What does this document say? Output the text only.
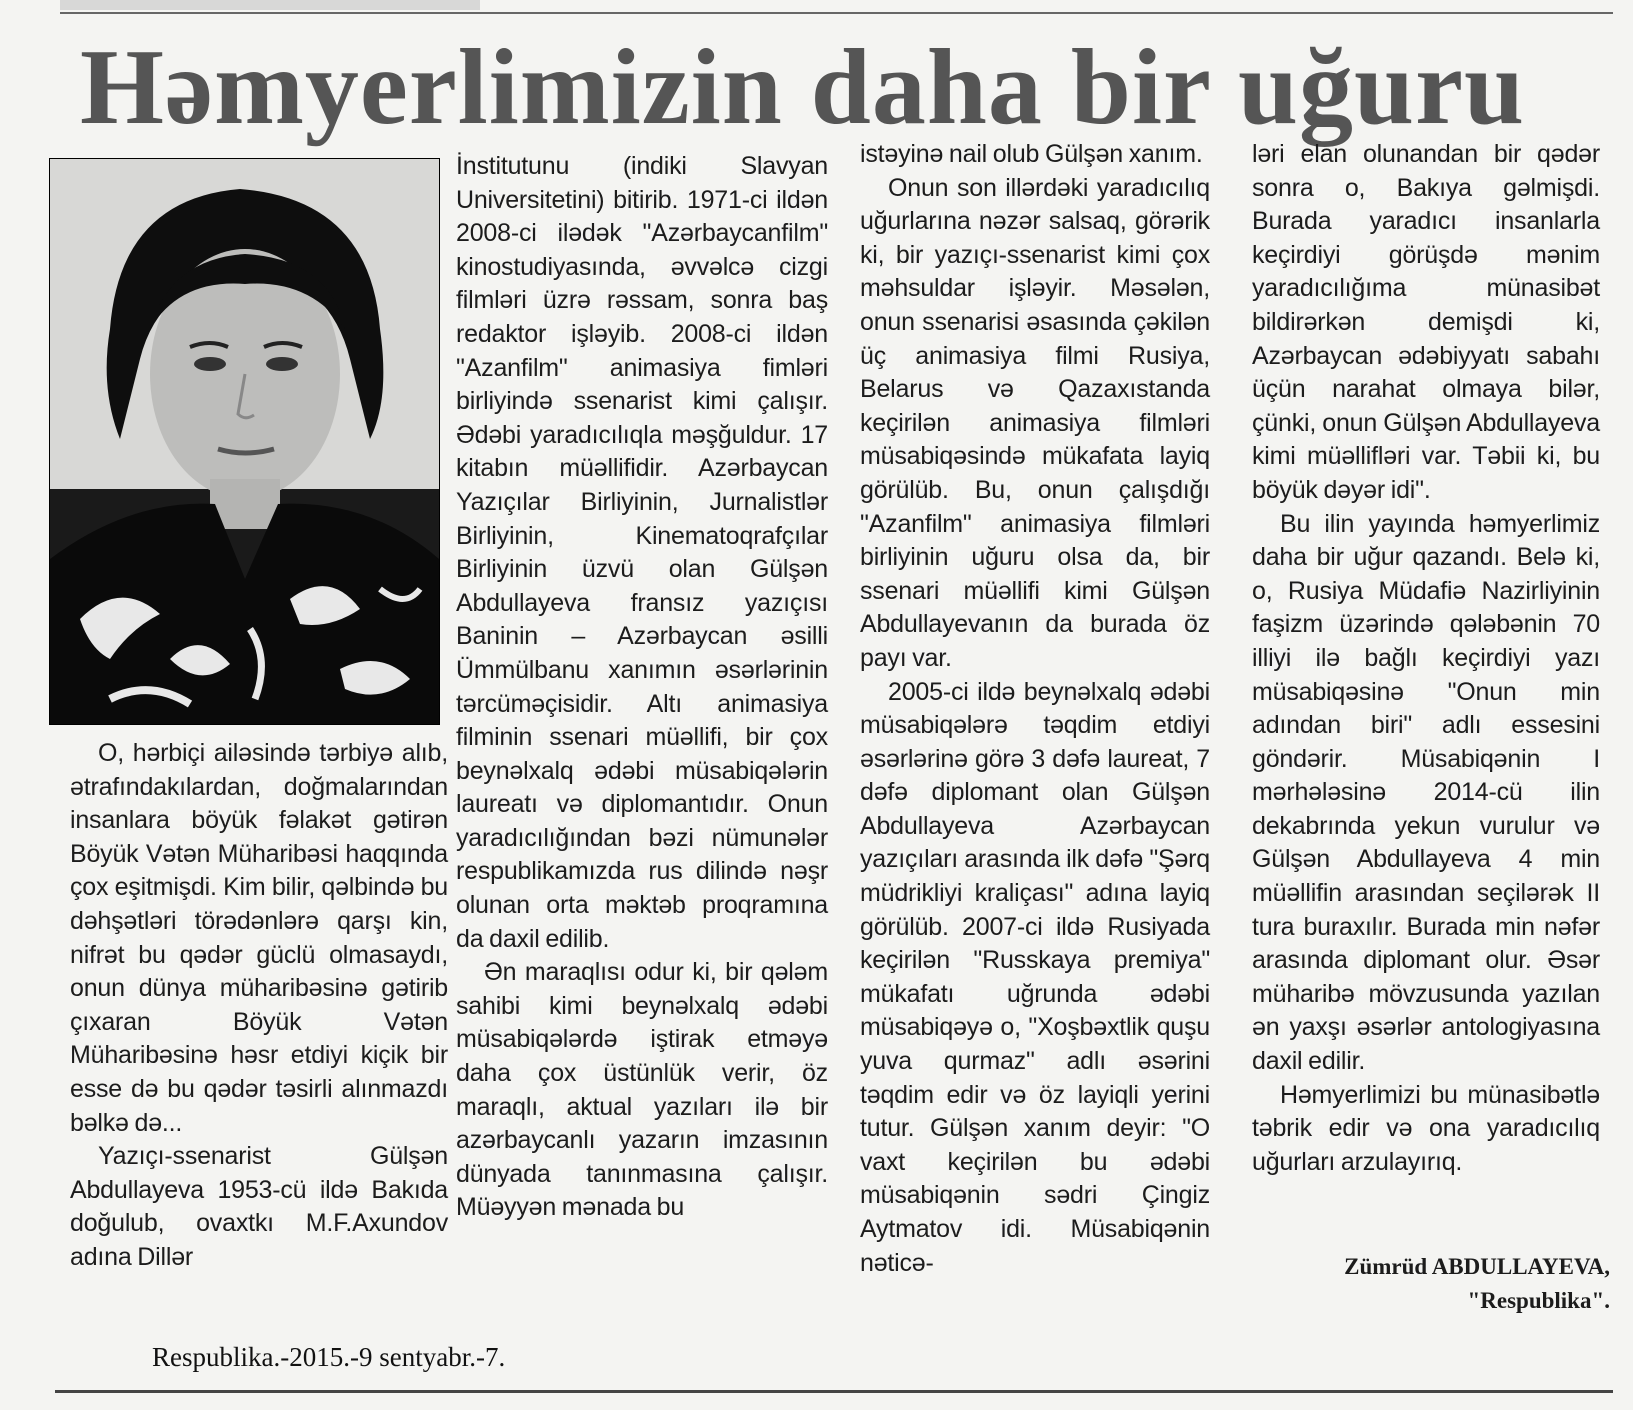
Həmyerlimizin daha bir uğuru

O, hərbiçi ailəsində tərbiyə alıb, ətrafındakılardan, doğmalarından insanlara böyük fəlakət gətirən Böyük Vətən Müharibəsi haqqında çox eşitmişdi. Kim bilir, qəlbində bu dəhşətləri törədənlərə qarşı kin, nifrət bu qədər güclü olmasaydı, onun dünya müharibəsinə gətirib çıxaran Böyük Vətən Müharibəsinə həsr etdiyi kiçik bir esse də bu qədər təsirli alınmazdı bəlkə də...

Yazıçı-ssenarist Gülşən Abdullayeva 1953-cü ildə Bakıda doğulub, ovaxtkı M.F.Axundov adına Dillər

İnstitutunu (indiki Slavyan Universitetini) bitirib. 1971-ci ildən 2008-ci ilədək "Azərbaycanfilm" kinostudiyasında, əvvəlcə cizgi filmləri üzrə rəssam, sonra baş redaktor işləyib. 2008-ci ildən "Azanfilm" animasiya fimləri birliyində ssenarist kimi çalışır. Ədəbi yaradıcılıqla məşğuldur. 17 kitabın müəllifidir. Azərbaycan Yazıçılar Birliyinin, Jurnalistlər Birliyinin, Kinematoqrafçılar Birliyinin üzvü olan Gülşən Abdullayeva fransız yazıçısı Baninin – Azərbaycan əsilli Ümmülbanu xanımın əsərlərinin tərcüməçisidir. Altı animasiya filminin ssenari müəllifi, bir çox beynəlxalq ədəbi müsabiqələrin laureatı və diplomantıdır. Onun yaradıcılığından bəzi nümunələr respublikamızda rus dilində nəşr olunan orta məktəb proqramına da daxil edilib.

Ən maraqlısı odur ki, bir qələm sahibi kimi beynəlxalq ədəbi müsabiqələrdə iştirak etməyə daha çox üstünlük verir, öz maraqlı, aktual yazıları ilə bir azərbaycanlı yazarın imzasının dünyada tanınmasına çalışır. Müəyyən mənada bu

istəyinə nail olub Gülşən xanım.

Onun son illərdəki yaradıcılıq uğurlarına nəzər salsaq, görərik ki, bir yazıçı-ssenarist kimi çox məhsuldar işləyir. Məsələn, onun ssenarisi əsasında çəkilən üç animasiya filmi Rusiya, Belarus və Qazaxıstanda keçirilən animasiya filmləri müsabiqəsində mükafata layiq görülüb. Bu, onun çalışdığı "Azanfilm" animasiya filmləri birliyinin uğuru olsa da, bir ssenari müəllifi kimi Gülşən Abdullayevanın da burada öz payı var.

2005-ci ildə beynəlxalq ədəbi müsabiqələrə təqdim etdiyi əsərlərinə görə 3 dəfə laureat, 7 dəfə diplomant olan Gülşən Abdullayeva Azərbaycan yazıçıları arasında ilk dəfə "Şərq müdrikliyi kraliçası" adına layiq görülüb. 2007-ci ildə Rusiyada keçirilən "Russkaya premiya" mükafatı uğrunda ədəbi müsabiqəyə o, "Xoşbəxtlik quşu yuva qurmaz" adlı əsərini təqdim edir və öz layiqli yerini tutur. Gülşən xanım deyir: "O vaxt keçirilən bu ədəbi müsabiqənin sədri Çingiz Aytmatov idi. Müsabiqənin nəticə-

ləri elan olunandan bir qədər sonra o, Bakıya gəlmişdi. Burada yaradıcı insanlarla keçirdiyi görüşdə mənim yaradıcılığıma münasibət bildirərkən demişdi ki, Azərbaycan ədəbiyyatı sabahı üçün narahat olmaya bilər, çünki, onun Gülşən Abdullayeva kimi müəllifləri var. Təbii ki, bu böyük dəyər idi".

Bu ilin yayında həmyerlimiz daha bir uğur qazandı. Belə ki, o, Rusiya Müdafiə Nazirliyinin faşizm üzərində qələbənin 70 illiyi ilə bağlı keçirdiyi yazı müsabiqəsinə "Onun min adından biri" adlı essesini göndərir. Müsabiqənin I mərhələsinə 2014-cü ilin dekabrında yekun vurulur və Gülşən Abdullayeva 4 min müəllifin arasından seçilərək II tura buraxılır. Burada min nəfər arasında diplomant olur. Əsər müharibə mövzusunda yazılan ən yaxşı əsərlər antologiyasına daxil edilir.

Həmyerlimizi bu münasibətlə təbrik edir və ona yaradıcılıq uğurları arzulayırıq.

Zümrüd ABDULLAYEVA,
"Respublika".
Respublika.-2015.-9 sentyabr.-7.
